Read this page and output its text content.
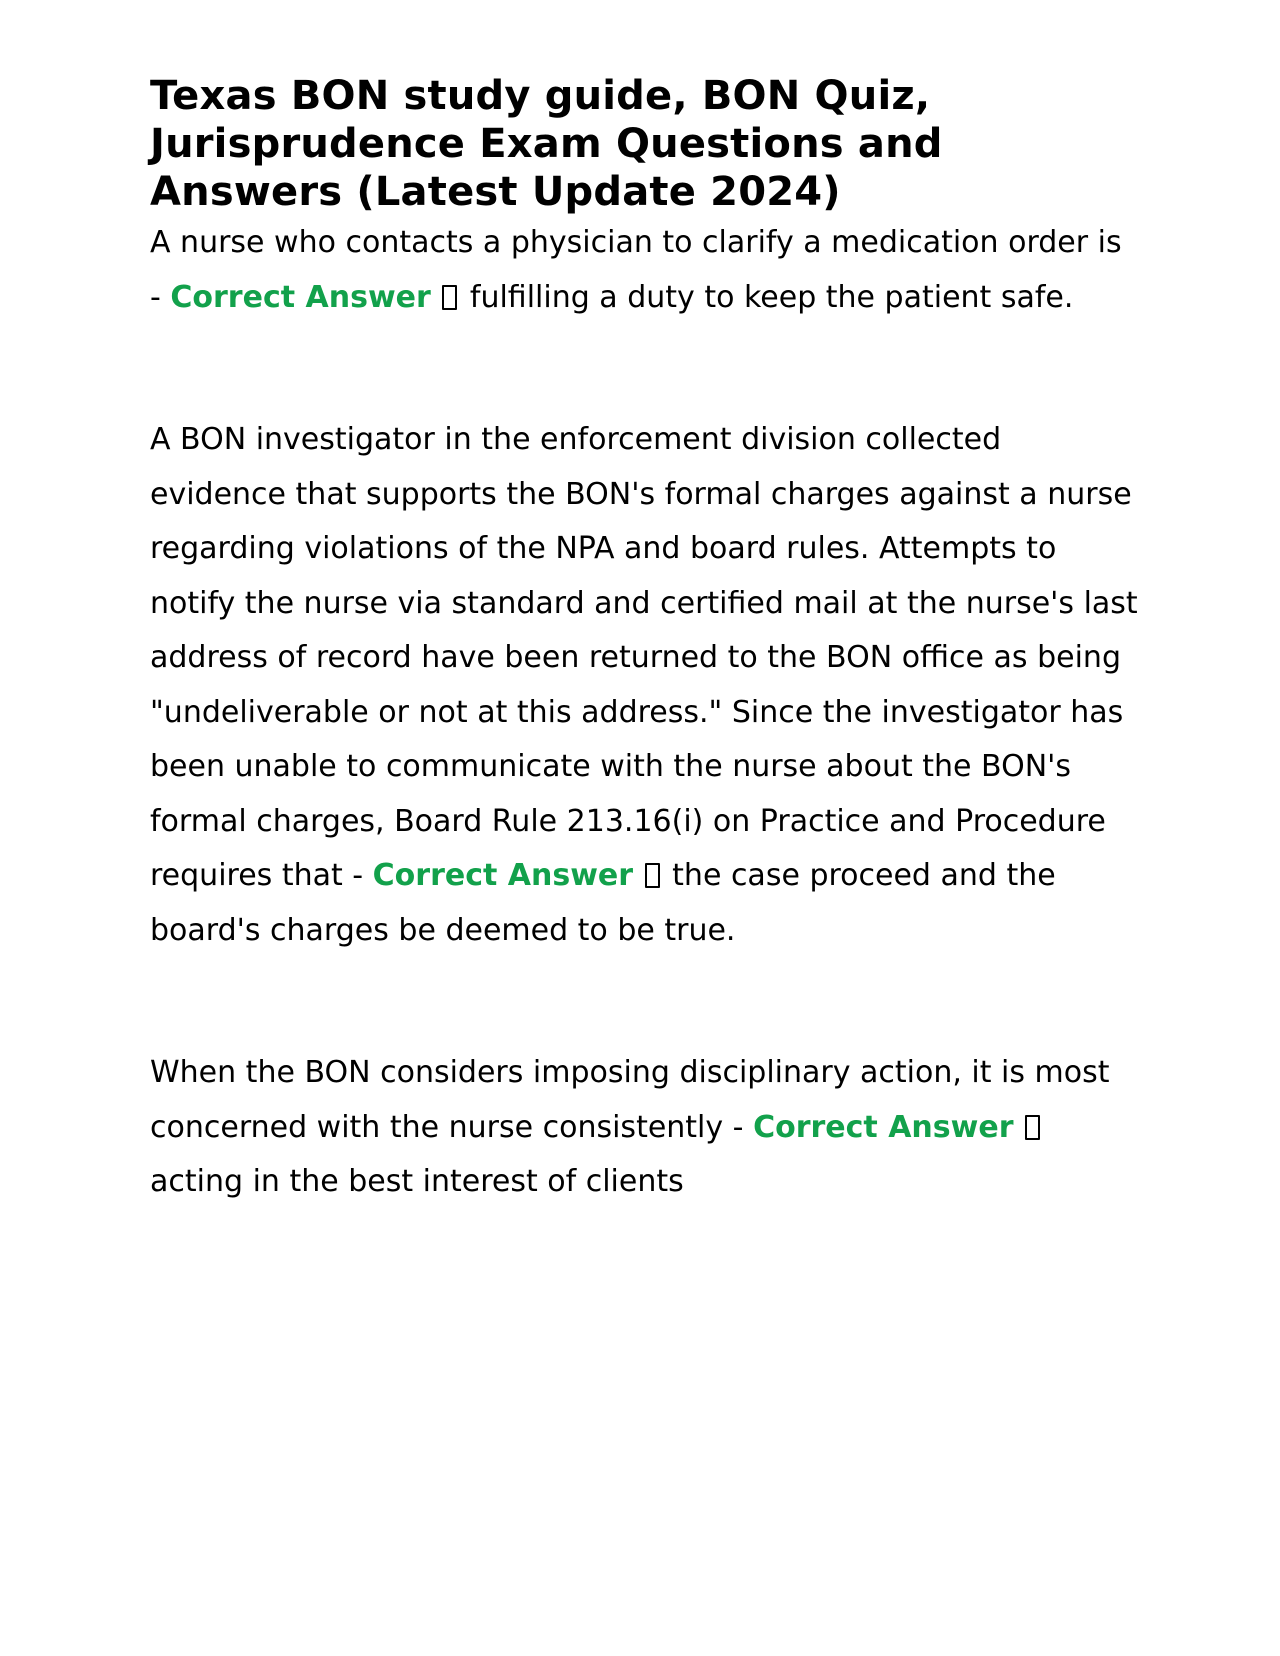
Texas BON study guide, BON Quiz, Jurisprudence Exam Questions and Answers (Latest Update 2024)

A nurse who contacts a physician to clarify a medication order is - Correct Answer fulfilling a duty to keep the patient safe.

A BON investigator in the enforcement division collected evidence that supports the BON's formal charges against a nurse regarding violations of the NPA and board rules. Attempts to notify the nurse via standard and certified mail at the nurse's last address of record have been returned to the BON office as being "undeliverable or not at this address." Since the investigator has been unable to communicate with the nurse about the BON's formal charges, Board Rule 213.16(i) on Practice and Procedure requires that - Correct Answer the case proceed and the board's charges be deemed to be true.

When the BON considers imposing disciplinary action, it is most concerned with the nurse consistently - Correct Answer  acting in the best interest of clients
